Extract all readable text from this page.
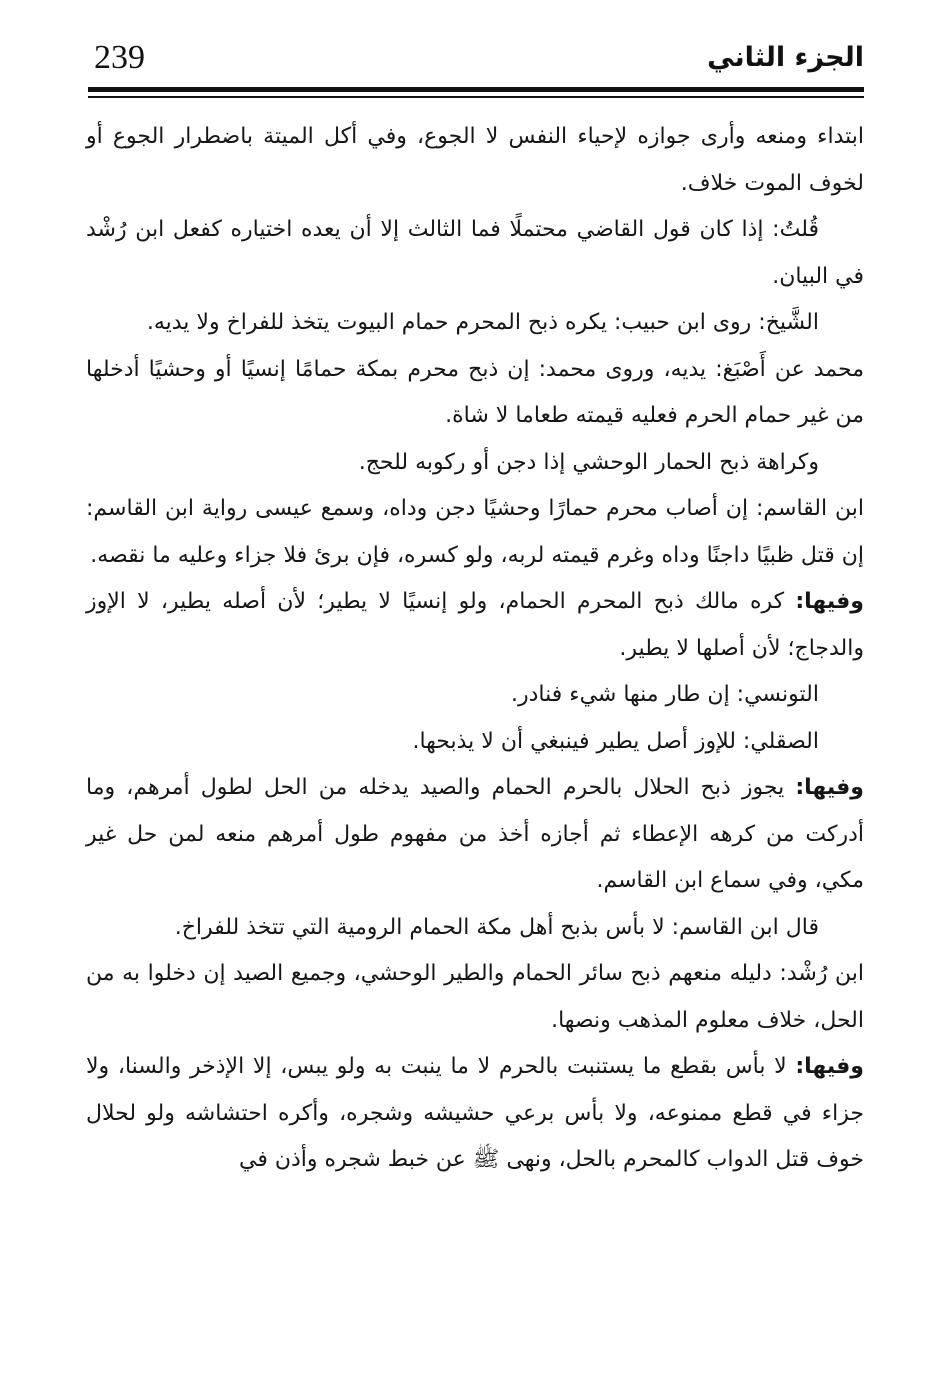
239	الجزء الثاني

ابتداء ومنعه وأرى جوازه لإحياء النفس لا الجوع، وفي أكل الميتة باضطرار الجوع أو لخوف الموت خلاف.

قُلتُ: إذا كان قول القاضي محتملًا فما الثالث إلا أن يعده اختياره كفعل ابن رُشْد في البيان.

الشَّيخ: روى ابن حبيب: يكره ذبح المحرم حمام البيوت يتخذ للفراخ ولا يديه.

محمد عن أَصْبَغ: يديه، وروى محمد: إن ذبح محرم بمكة حمامًا إنسيًا أو وحشيًا أدخلها من غير حمام الحرم فعليه قيمته طعاما لا شاة.

وكراهة ذبح الحمار الوحشي إذا دجن أو ركوبه للحج.

ابن القاسم: إن أصاب محرم حمارًا وحشيًا دجن وداه، وسمع عيسى رواية ابن القاسم: إن قتل ظبيًا داجنًا وداه وغرم قيمته لربه، ولو كسره، فإن برئ فلا جزاء وعليه ما نقصه.

وفيها: كره مالك ذبح المحرم الحمام، ولو إنسيًا لا يطير؛ لأن أصله يطير، لا الإوز والدجاج؛ لأن أصلها لا يطير.

التونسي: إن طار منها شيء فنادر.

الصقلي: للإوز أصل يطير فينبغي أن لا يذبحها.

وفيها: يجوز ذبح الحلال بالحرم الحمام والصيد يدخله من الحل لطول أمرهم، وما أدركت من كرهه الإعطاء ثم أجازه أخذ من مفهوم طول أمرهم منعه لمن حل غير مكي، وفي سماع ابن القاسم.

قال ابن القاسم: لا بأس بذبح أهل مكة الحمام الرومية التي تتخذ للفراخ.

ابن رُشْد: دليله منعهم ذبح سائر الحمام والطير الوحشي، وجميع الصيد إن دخلوا به من الحل، خلاف معلوم المذهب ونصها.

وفيها: لا بأس بقطع ما يستنبت بالحرم لا ما ينبت به ولو يبس، إلا الإذخر والسنا، ولا جزاء في قطع ممنوعه، ولا بأس برعي حشيشه وشجره، وأكره احتشاشه ولو لحلال خوف قتل الدواب كالمحرم بالحل، ونهى ﷺ عن خبط شجره وأذن في
